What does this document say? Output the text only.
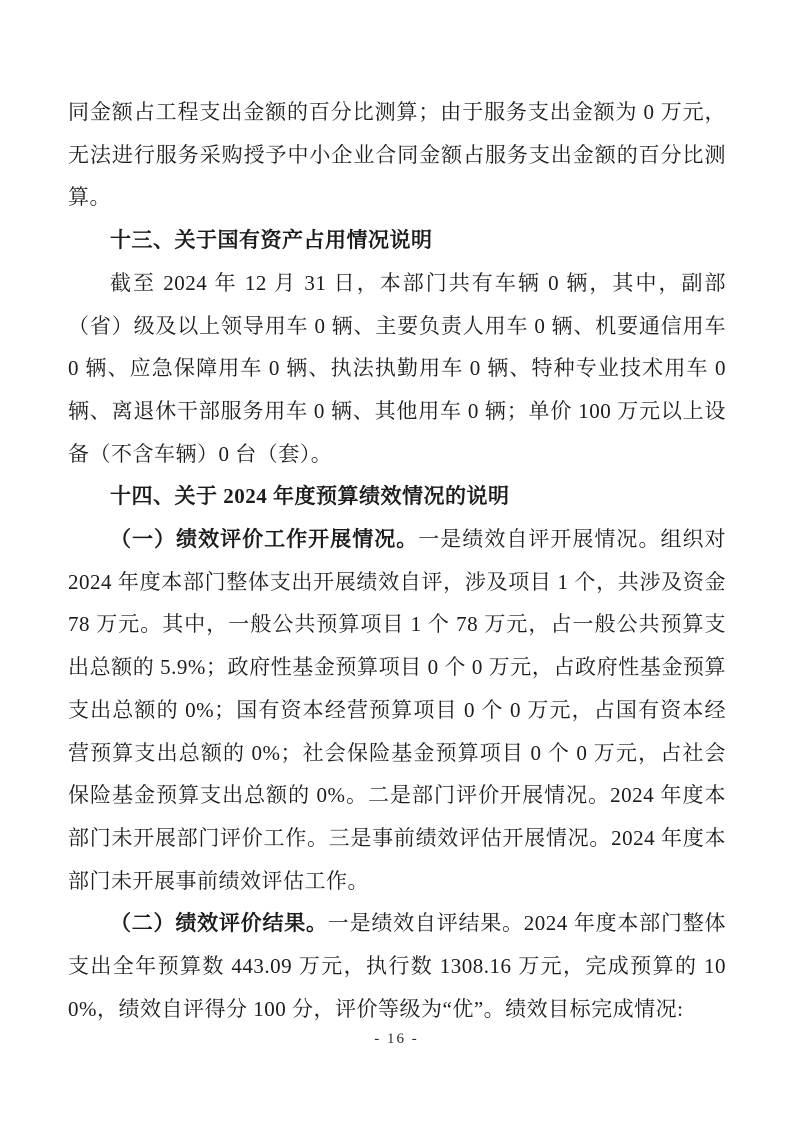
同金额占工程支出金额的百分比测算；由于服务支出金额为 0 万元，无法进行服务采购授予中小企业合同金额占服务支出金额的百分比测算。

十三、关于国有资产占用情况说明

截至 2024 年 12 月 31 日，本部门共有车辆 0 辆，其中，副部（省）级及以上领导用车 0 辆、主要负责人用车 0 辆、机要通信用车 0 辆、应急保障用车 0 辆、执法执勤用车 0 辆、特种专业技术用车 0 辆、离退休干部服务用车 0 辆、其他用车 0 辆；单价 100 万元以上设备（不含车辆）0 台（套）。

十四、关于 2024 年度预算绩效情况的说明

（一）绩效评价工作开展情况。一是绩效自评开展情况。组织对 2024 年度本部门整体支出开展绩效自评，涉及项目 1 个，共涉及资金 78 万元。其中，一般公共预算项目 1 个 78 万元，占一般公共预算支出总额的 5.9%；政府性基金预算项目 0 个 0 万元，占政府性基金预算支出总额的 0%；国有资本经营预算项目 0 个 0 万元，占国有资本经营预算支出总额的 0%；社会保险基金预算项目 0 个 0 万元，占社会保险基金预算支出总额的 0%。二是部门评价开展情况。2024 年度本部门未开展部门评价工作。三是事前绩效评估开展情况。2024 年度本部门未开展事前绩效评估工作。

（二）绩效评价结果。一是绩效自评结果。2024 年度本部门整体支出全年预算数 443.09 万元，执行数 1308.16 万元，完成预算的 100%，绩效自评得分 100 分，评价等级为“优”。绩效目标完成情况:

- 16 -
